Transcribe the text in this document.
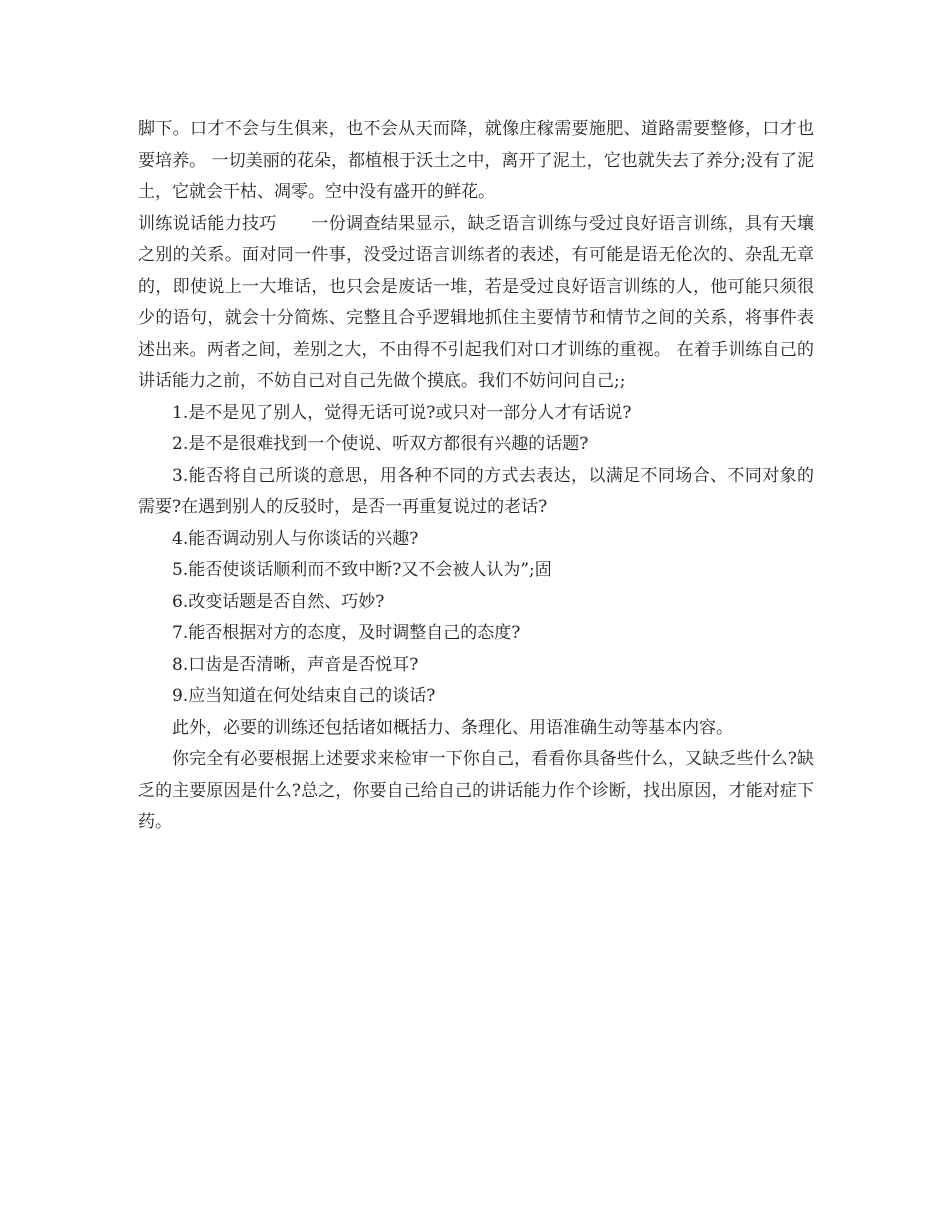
脚下。口才不会与生俱来，也不会从天而降，就像庄稼需要施肥、道路需要整修，口才也要培养。 一切美丽的花朵，都植根于沃土之中，离开了泥土，它也就失去了养分;没有了泥土，它就会干枯、凋零。空中没有盛开的鲜花。

训练说话能力技巧　　一份调查结果显示，缺乏语言训练与受过良好语言训练，具有天壤之别的关系。面对同一件事，没受过语言训练者的表述，有可能是语无伦次的、杂乱无章的，即使说上一大堆话，也只会是废话一堆，若是受过良好语言训练的人，他可能只须很少的语句，就会十分简炼、完整且合乎逻辑地抓住主要情节和情节之间的关系，将事件表述出来。两者之间，差别之大，不由得不引起我们对口才训练的重视。 在着手训练自己的讲话能力之前，不妨自己对自己先做个摸底。我们不妨问问自己;;

1.是不是见了别人，觉得无话可说?或只对一部分人才有话说?

2.是不是很难找到一个使说、听双方都很有兴趣的话题?

3.能否将自己所谈的意思，用各种不同的方式去表达，以满足不同场合、不同对象的需要?在遇到别人的反驳时，是否一再重复说过的老话?

4.能否调动别人与你谈话的兴趣?

5.能否使谈话顺利而不致中断?又不会被人认为”;固

6.改变话题是否自然、巧妙?

7.能否根据对方的态度，及时调整自己的态度?

8.口齿是否清晰，声音是否悦耳?

9.应当知道在何处结束自己的谈话?

此外，必要的训练还包括诸如概括力、条理化、用语准确生动等基本内容。

你完全有必要根据上述要求来检审一下你自己，看看你具备些什么，又缺乏些什么?缺乏的主要原因是什么?总之，你要自己给自己的讲话能力作个诊断，找出原因，才能对症下药。
